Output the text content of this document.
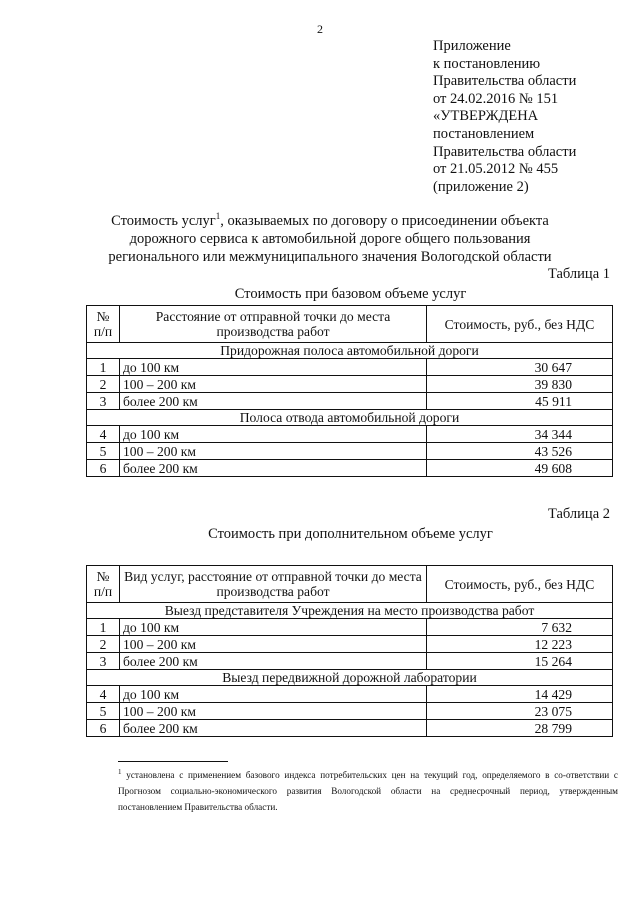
2
Приложение
к постановлению
Правительства области
от 24.02.2016 № 151
«УТВЕРЖДЕНА
постановлением
Правительства области
от 21.05.2012 № 455
(приложение 2)
Стоимость услуг$^1$, оказываемых по договору о присоединении объекта
дорожного сервиса к автомобильной дороге общего пользования
регионального или межмуниципального значения Вологодской области
Таблица 1
Стоимость при базовом объеме услуг
№ п/п	Расстояние от отправной точки до места производства работ	Стоимость, руб., без НДС
Придорожная полоса автомобильной дороги		
1	до 100 км	30 647
2	100 – 200 км	39 830
3	более 200 км	45 911
Полоса отвода автомобильной дороги		
4	до 100 км	34 344
5	100 – 200 км	43 526
6	более 200 км	49 608
Таблица 2
Стоимость при дополнительном объеме услуг
№ п/п	Вид услуг, расстояние от отправной точки до места производства работ	Стоимость, руб., без НДС
Выезд представителя Учреждения на место производства работ		
1	до 100 км	7 632
2	100 – 200 км	12 223
3	более 200 км	15 264
Выезд передвижной дорожной лаборатории		
4	до 100 км	14 429
5	100 – 200 км	23 075
6	более 200 км	28 799
$^1$ установлена с применением базового индекса потребительских цен на текущий год, определяемого в со-ответствии с Прогнозом социально-экономического развития Вологодской области на среднесрочный период, утвержденным постановлением Правительства области.
